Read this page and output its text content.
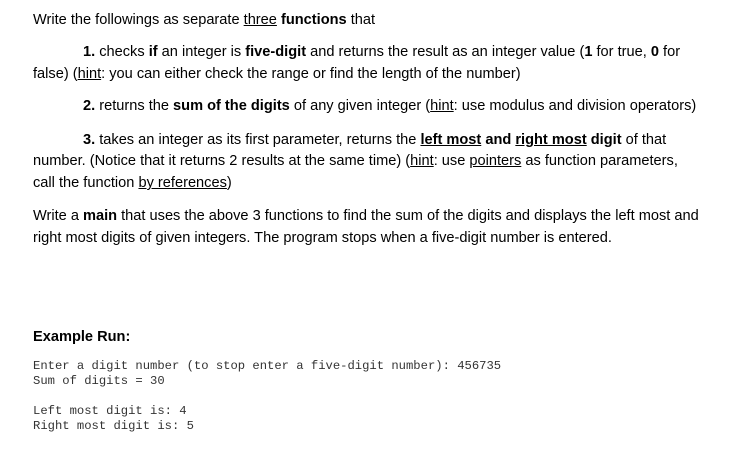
Write the followings as separate three functions that
1. checks if an integer is five-digit and returns the result as an integer value (1 for true, 0 for
false) (hint: you can either check the range or find the length of the number)
2. returns the sum of the digits of any given integer (hint: use modulus and division operators)
3. takes an integer as its first parameter, returns the left most and right most digit of that
number. (Notice that it returns 2 results at the same time) (hint: use pointers as function parameters,
call the function by references)
Write a main that uses the above 3 functions to find the sum of the digits and displays the left most and
right most digits of given integers. The program stops when a five-digit number is entered.
Example Run:
Enter a digit number (to stop enter a five-digit number): 456735
Sum of digits = 30
Left most digit is: 4
Right most digit is: 5
